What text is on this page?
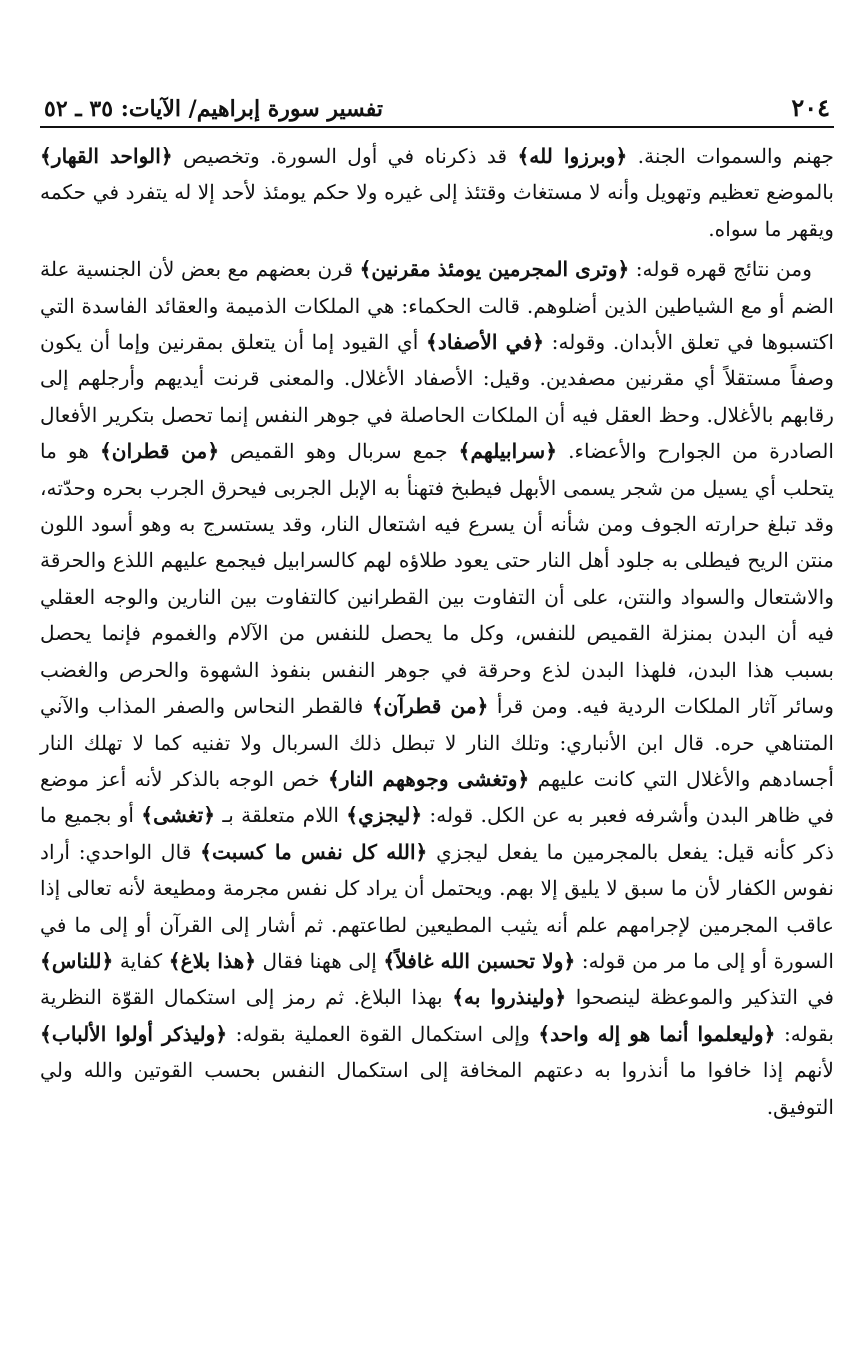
٢٠٤
تفسير سورة إبراهيم/ الآيات: ٣٥ ـ ٥٢

جهنم والسموات الجنة. ﴿وبرزوا لله﴾ قد ذكرناه في أول السورة. وتخصيص ﴿الواحد القهار﴾ بالموضع تعظيم وتهويل وأنه لا مستغاث وقتئذ إلى غيره ولا حكم يومئذ لأحد إلا له يتفرد في حكمه ويقهر ما سواه.

ومن نتائج قهره قوله: ﴿وترى المجرمين يومئذ مقرنين﴾ قرن بعضهم مع بعض لأن الجنسية علة الضم أو مع الشياطين الذين أضلوهم. قالت الحكماء: هي الملكات الذميمة والعقائد الفاسدة التي اكتسبوها في تعلق الأبدان. وقوله: ﴿في الأصفاد﴾ أي القيود إما أن يتعلق بمقرنين وإما أن يكون وصفاً مستقلاً أي مقرنين مصفدين. وقيل: الأصفاد الأغلال. والمعنى قرنت أيديهم وأرجلهم إلى رقابهم بالأغلال. وحظ العقل فيه أن الملكات الحاصلة في جوهر النفس إنما تحصل بتكرير الأفعال الصادرة من الجوارح والأعضاء. ﴿سرابيلهم﴾ جمع سربال وهو القميص ﴿من قطران﴾ هو ما يتحلب أي يسيل من شجر يسمى الأبهل فيطبخ فتهنأ به الإبل الجربى فيحرق الجرب بحره وحدّته، وقد تبلغ حرارته الجوف ومن شأنه أن يسرع فيه اشتعال النار، وقد يستسرج به وهو أسود اللون منتن الريح فيطلى به جلود أهل النار حتى يعود طلاؤه لهم كالسرابيل فيجمع عليهم اللذع والحرقة والاشتعال والسواد والنتن، على أن التفاوت بين القطرانين كالتفاوت بين النارين والوجه العقلي فيه أن البدن بمنزلة القميص للنفس، وكل ما يحصل للنفس من الآلام والغموم فإنما يحصل بسبب هذا البدن، فلهذا البدن لذع وحرقة في جوهر النفس بنفوذ الشهوة والحرص والغضب وسائر آثار الملكات الردية فيه. ومن قرأ ﴿من قطرآن﴾ فالقطر النحاس والصفر المذاب والآني المتناهي حره. قال ابن الأنباري: وتلك النار لا تبطل ذلك السربال ولا تفنيه كما لا تهلك النار أجسادهم والأغلال التي كانت عليهم ﴿وتغشى وجوههم النار﴾ خص الوجه بالذكر لأنه أعز موضع في ظاهر البدن وأشرفه فعبر به عن الكل. قوله: ﴿ليجزي﴾ اللام متعلقة بـ ﴿تغشى﴾ أو بجميع ما ذكر كأنه قيل: يفعل بالمجرمين ما يفعل ليجزي ﴿الله كل نفس ما كسبت﴾ قال الواحدي: أراد نفوس الكفار لأن ما سبق لا يليق إلا بهم. ويحتمل أن يراد كل نفس مجرمة ومطيعة لأنه تعالى إذا عاقب المجرمين لإجرامهم علم أنه يثيب المطيعين لطاعتهم. ثم أشار إلى القرآن أو إلى ما في السورة أو إلى ما مر من قوله: ﴿ولا تحسبن الله غافلاً﴾ إلى ههنا فقال ﴿هذا بلاغ﴾ كفاية ﴿للناس﴾ في التذكير والموعظة لينصحوا ﴿ولينذروا به﴾ بهذا البلاغ. ثم رمز إلى استكمال القوّة النظرية بقوله: ﴿وليعلموا أنما هو إله واحد﴾ وإلى استكمال القوة العملية بقوله: ﴿وليذكر أولوا الألباب﴾ لأنهم إذا خافوا ما أنذروا به دعتهم المخافة إلى استكمال النفس بحسب القوتين والله ولي التوفيق.
